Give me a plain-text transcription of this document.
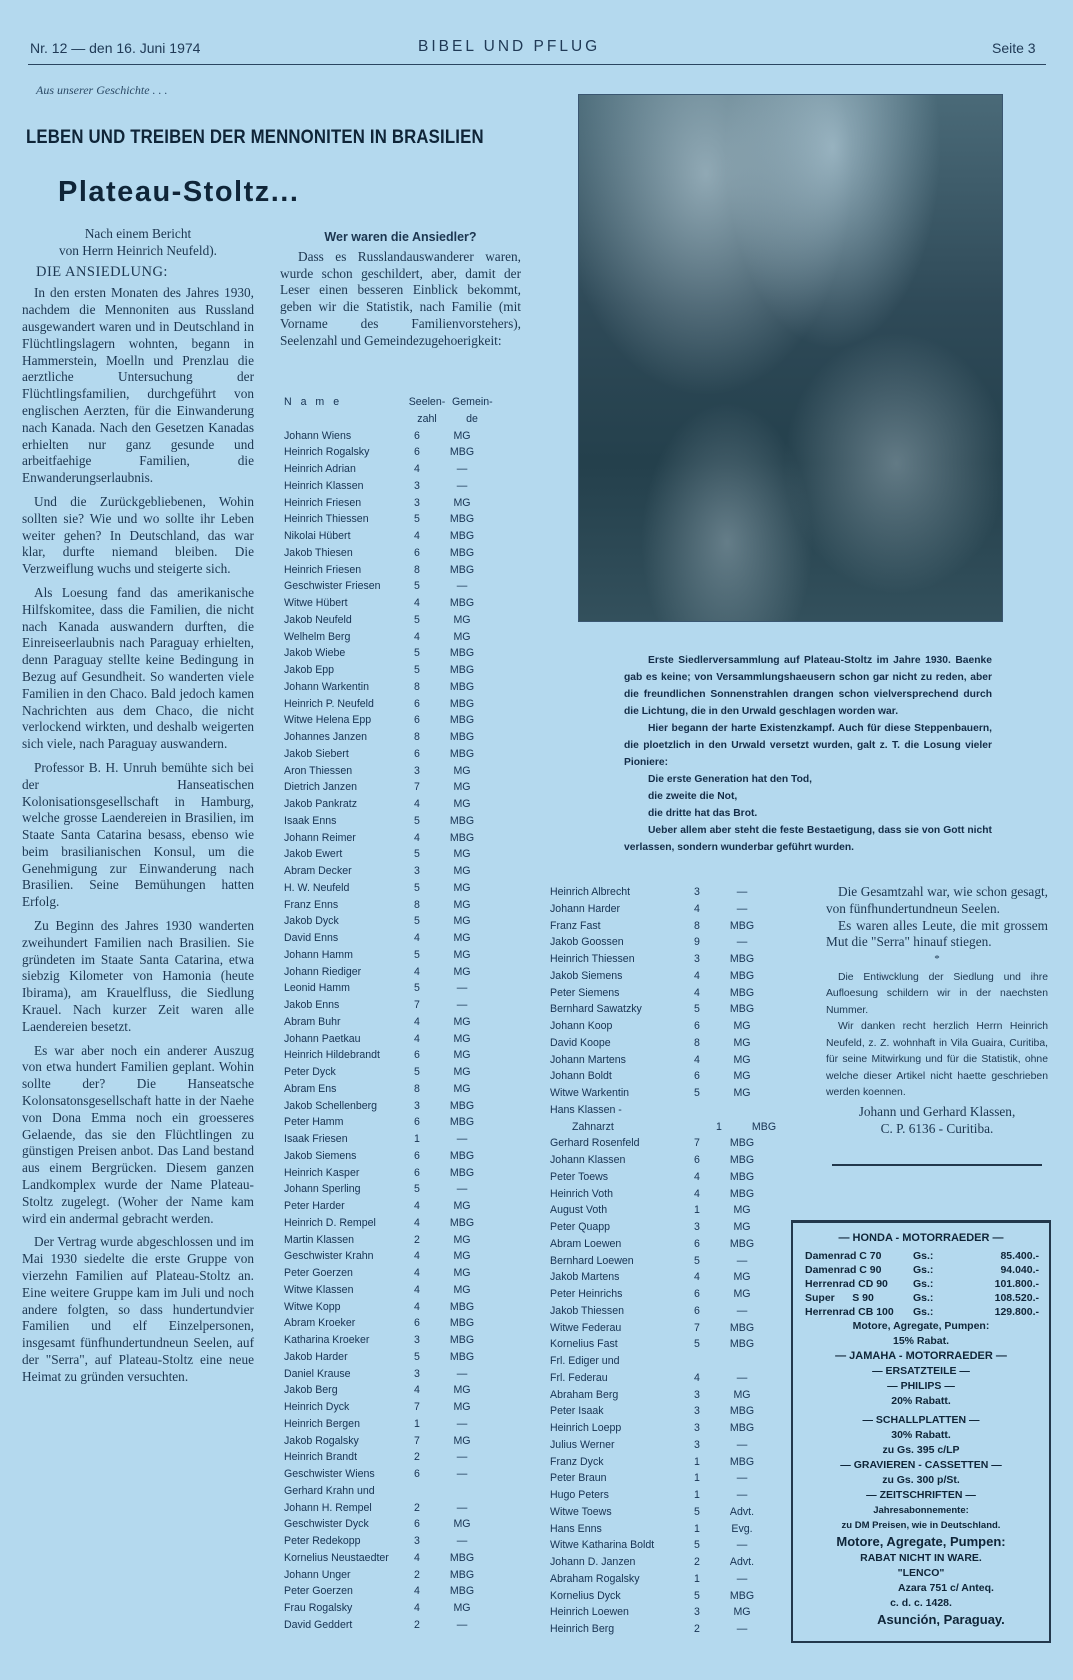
Nr. 12 — den 16. Juni 1974	BIBEL UND PFLUG	Seite 3
Aus unserer Geschichte . . .
LEBEN UND TREIBEN DER MENNONITEN IN BRASILIEN
Plateau-Stoltz...

Nach einem Bericht

von Herrn Heinrich Neufeld).

DIE ANSIEDLUNG:

In den ersten Monaten des Jahres 1930, nachdem die Mennoniten aus Russland ausgewandert waren und in Deutschland in Flüchtlingslagern wohnten, begann in Hammerstein, Moelln und Prenzlau die aerztliche Untersuchung der Flüchtlingsfamilien, durchgeführt von englischen Aerzten, für die Einwanderung nach Kanada. Nach den Gesetzen Kanadas erhielten nur ganz gesunde und arbeitfaehige Familien, die Enwanderungserlaubnis.

Und die Zurückgebliebenen, Wohin sollten sie? Wie und wo sollte ihr Leben weiter gehen? In Deutschland, das war klar, durfte niemand bleiben. Die Verzweiflung wuchs und steigerte sich.

Als Loesung fand das amerikanische Hilfskomitee, dass die Familien, die nicht nach Kanada auswandern durften, die Einreiseerlaubnis nach Paraguay erhielten, denn Paraguay stellte keine Bedingung in Bezug auf Gesundheit. So wanderten viele Familien in den Chaco. Bald jedoch kamen Nachrichten aus dem Chaco, die nicht verlockend wirkten, und deshalb weigerten sich viele, nach Paraguay auswandern.

Professor B. H. Unruh bemühte sich bei der Hanseatischen Kolonisationsgesellschaft in Hamburg, welche grosse Laendereien in Brasilien, im Staate Santa Catarina besass, ebenso wie beim brasilianischen Konsul, um die Genehmigung zur Einwanderung nach Brasilien. Seine Bemühungen hatten Erfolg.

Zu Beginn des Jahres 1930 wanderten zweihundert Familien nach Brasilien. Sie gründeten im Staate Santa Catarina, etwa siebzig Kilometer von Hamonia (heute Ibirama), am Krauelfluss, die Siedlung Krauel. Nach kurzer Zeit waren alle Laendereien besetzt.

Es war aber noch ein anderer Auszug von etwa hundert Familien geplant. Wohin sollte der? Die Hanseatsche Kolonsatonsgesellschaft hatte in der Naehe von Dona Emma noch ein groesseres Gelaende, das sie den Flüchtlingen zu günstigen Preisen anbot. Das Land bestand aus einem Bergrücken. Diesem ganzen Landkomplex wurde der Name Plateau-Stoltz zugelegt. (Woher der Name kam wird ein andermal gebracht werden.

Der Vertrag wurde abgeschlossen und im Mai 1930 siedelte die erste Gruppe von vierzehn Familien auf Plateau-Stoltz an. Eine weitere Gruppe kam im Juli und noch andere folgten, so dass hundertundvier Familien und elf Einzelpersonen, insgesamt fünfhundertundneun Seelen, auf der "Serra", auf Plateau-Stoltz eine neue Heimat zu gründen versuchten.

Wer waren die Ansiedler?

Dass es Russlandauswanderer waren, wurde schon geschildert, aber, damit der Leser einen besseren Einblick bekommt, geben wir die Statistik, nach Familie (mit Vorname des Familienvorstehers), Seelenzahl und Gemeindezugehoerigkeit:

N a m e	Seelen- Gemein-
zahl	de
Johann Wiens	6	MG
Heinrich Rogalsky	6	MBG
Heinrich Adrian	4	—
Heinrich Klassen	3	—
Heinrich Friesen	3	MG
Heinrich Thiessen	5	MBG
Nikolai Hübert	4	MBG
Jakob Thiesen	6	MBG
Heinrich Friesen	8	MBG
Geschwister Friesen	5	—
Witwe Hübert	4	MBG
Jakob Neufeld	5	MG
Welhelm Berg	4	MG
Jakob Wiebe	5	MBG
Jakob Epp	5	MBG
Johann Warkentin	8	MBG
Heinrich P. Neufeld	6	MBG
Witwe Helena Epp	6	MBG
Johannes Janzen	8	MBG
Jakob Siebert	6	MBG
Aron Thiessen	3	MG
Dietrich Janzen	7	MG
Jakob Pankratz	4	MG
Isaak Enns	5	MBG
Johann Reimer	4	MBG
Jakob Ewert	5	MG
Abram Decker	3	MG
H. W. Neufeld	5	MG
Franz Enns	8	MG
Jakob Dyck	5	MG
David Enns	4	MG
Johann Hamm	5	MG
Johann Riediger	4	MG
Leonid Hamm	5	—
Jakob Enns	7	—
Abram Buhr	4	MG
Johann Paetkau	4	MG
Heinrich Hildebrandt	6	MG
Peter Dyck	5	MG
Abram Ens	8	MG
Jakob Schellenberg	3	MBG
Peter Hamm	6	MBG
Isaak Friesen	1	—
Jakob Siemens	6	MBG
Heinrich Kasper	6	MBG
Johann Sperling	5	—
Peter Harder	4	MG
Heinrich D. Rempel	4	MBG
Martin Klassen	2	MG
Geschwister Krahn	4	MG
Peter Goerzen	4	MG
Witwe Klassen	4	MG
Witwe Kopp	4	MBG
Abram Kroeker	6	MBG
Katharina Kroeker	3	MBG
Jakob Harder	5	MBG
Daniel Krause	3	—
Jakob Berg	4	MG
Heinrich Dyck	7	MG
Heinrich Bergen	1	—
Jakob Rogalsky	7	MG
Heinrich Brandt	2	—
Geschwister Wiens	6	—
Gerhard Krahn und
Johann H. Rempel	2	—
Geschwister Dyck	6	MG
Peter Redekopp	3	—
Kornelius Neustaedter	4	MBG
Johann Unger	2	MBG
Peter Goerzen	4	MBG
Frau Rogalsky	4	MG
David Geddert	2	—

Erste Siedlerversammlung auf Plateau-Stoltz im Jahre 1930. Baenke gab es keine; von Versammlungshaeusern schon gar nicht zu reden, aber die freundlichen Sonnenstrahlen drangen schon vielversprechend durch die Lichtung, die in den Urwald geschlagen worden war.

Hier begann der harte Existenzkampf. Auch für diese Steppenbauern, die ploetzlich in den Urwald versetzt wurden, galt z. T. die Losung vieler Pioniere:

Die erste Generation hat den Tod,

die zweite die Not,

die dritte hat das Brot.

Ueber allem aber steht die feste Bestaetigung, dass sie von Gott nicht verlassen, sondern wunderbar geführt wurden.

Heinrich Albrecht	3	—
Johann Harder	4	—
Franz Fast	8	MBG
Jakob Goossen	9	—
Heinrich Thiessen	3	MBG
Jakob Siemens	4	MBG
Peter Siemens	4	MBG
Bernhard Sawatzky	5	MBG
Johann Koop	6	MG
David Koope	8	MG
Johann Martens	4	MG
Johann Boldt	6	MG
Witwe Warkentin	5	MG
Hans Klassen -
Zahnarzt	1	MBG
Gerhard Rosenfeld	7	MBG
Johann Klassen	6	MBG
Peter Toews	4	MBG
Heinrich Voth	4	MBG
August Voth	1	MG
Peter Quapp	3	MG
Abram Loewen	6	MBG
Bernhard Loewen	5	—
Jakob Martens	4	MG
Peter Heinrichs	6	MG
Jakob Thiessen	6	—
Witwe Federau	7	MBG
Kornelius Fast	5	MBG
Frl. Ediger und
Frl. Federau	4	—
Abraham Berg	3	MG
Peter Isaak	3	MBG
Heinrich Loepp	3	MBG
Julius Werner	3	—
Franz Dyck	1	MBG
Peter Braun	1	—
Hugo Peters	1	—
Witwe Toews	5	Advt.
Hans Enns	1	Evg.
Witwe Katharina Boldt	5	—
Johann D. Janzen	2	Advt.
Abraham Rogalsky	1	—
Kornelius Dyck	5	MBG
Heinrich Loewen	3	MG
Heinrich Berg	2	—

Die Gesamtzahl war, wie schon gesagt, von fünfhundertundneun Seelen.

Es waren alles Leute, die mit grossem Mut die "Serra" hinauf stiegen.

*

Die Entiwcklung der Siedlung und ihre Aufloesung schildern wir in der naechsten Nummer.

Wir danken recht herzlich Herrn Heinrich Neufeld, z. Z. wohnhaft in Vila Guaira, Curitiba, für seine Mitwirkung und für die Statistik, ohne welche dieser Artikel nicht haette geschrieben werden koennen.

Johann und Gerhard Klassen,
C. P. 6136 - Curitiba.
— HONDA - MOTORRAEDER —
Damenrad C 70	Gs.:	85.400.-
Damenrad C 90	Gs.:	94.040.-
Herrenrad CD 90	Gs.:	101.800.-
Super      S 90	Gs.:	108.520.-
Herrenrad CB 100	Gs.:	129.800.-
Motore, Agregate, Pumpen:
15% Rabat.
— JAMAHA - MOTORRAEDER —
— ERSATZTEILE —
— PHILIPS —
20% Rabatt.
— SCHALLPLATTEN —
30% Rabatt.
zu Gs. 395 c/LP
— GRAVIEREN - CASSETTEN —
zu Gs. 300 p/St.
— ZEITSCHRIFTEN —
Jahresabonnemente:
zu DM Preisen, wie in Deutschland.
Motore, Agregate, Pumpen:
RABAT NICHT IN WARE.
"LENCO"
Azara 751 c/ Anteq.
c. d. c. 1428.
Asunción, Paraguay.
